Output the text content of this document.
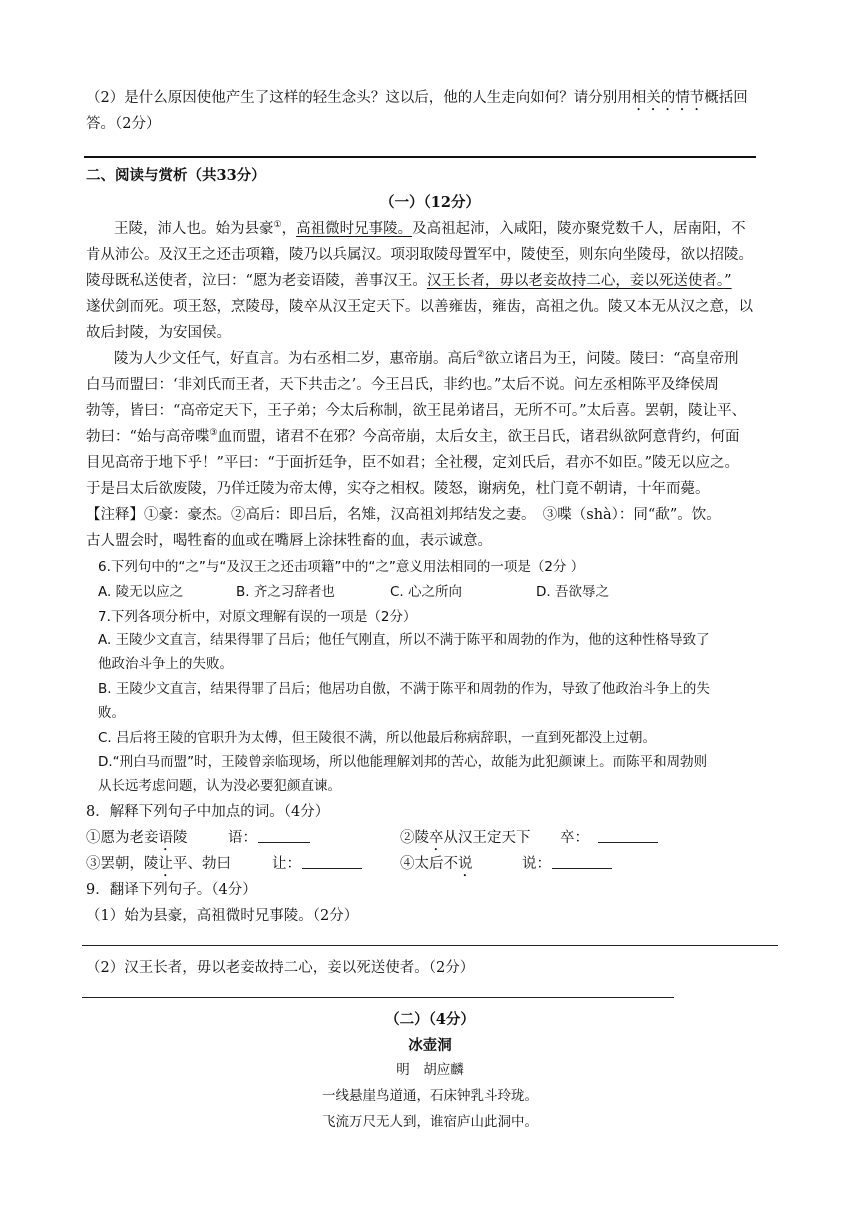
（2）是什么原因使他产生了这样的轻生念头？这以后，他的人生走向如何？请分别用相关的情节概括回
答。（2分）
二、阅读与赏析（共33分）
（一）（12分）
王陵，沛人也。始为县豪①，高祖微时兄事陵。及高祖起沛，入咸阳，陵亦聚党数千人，居南阳，不
肯从沛公。及汉王之还击项籍，陵乃以兵属汉。项羽取陵母置军中，陵使至，则东向坐陵母，欲以招陵。
陵母既私送使者，泣曰：“愿为老妾语陵，善事汉王。汉王长者，毋以老妾故持二心，妾以死送使者。”
遂伏剑而死。项王怒，烹陵母，陵卒从汉王定天下。以善雍齿，雍齿，高祖之仇。陵又本无从汉之意，以
故后封陵，为安国侯。
陵为人少文任气，好直言。为右丞相二岁，惠帝崩。高后②欲立诸吕为王，问陵。陵曰：“高皇帝刑
白马而盟曰：‘非刘氏而王者，天下共击之’。今王吕氏，非约也。”太后不说。问左丞相陈平及绛侯周
勃等，皆曰：“高帝定天下，王子弟；今太后称制，欲王昆弟诸吕，无所不可。”太后喜。罢朝，陵让平、
勃曰：“始与高帝喋③血而盟，诸君不在邪？今高帝崩，太后女主，欲王吕氏，诸君纵欲阿意背约，何面
目见高帝于地下乎！”平曰：“于面折廷争，臣不如君；全社稷，定刘氏后，君亦不如臣。”陵无以应之。
于是吕太后欲废陵，乃佯迁陵为帝太傅，实夺之相权。陵怒，谢病免，杜门竟不朝请，十年而薨。
【注释】①豪：豪杰。②高后：即吕后，名雉，汉高祖刘邦结发之妻。　③喋（shà）：同“歃”。饮。
古人盟会时，喝牲畜的血或在嘴唇上涂抹牲畜的血，表示诚意。
6.下列句中的“之”与“及汉王之还击项籍”中的“之”意义用法相同的一项是（2分 ）
A. 陵无以应之	B. 齐之习辞者也	C. 心之所向	D. 吾欲辱之
7.下列各项分析中，对原文理解有误的一项是（2分）
A. 王陵少文直言，结果得罪了吕后；他任气刚直，所以不满于陈平和周勃的作为，他的这种性格导致了
他政治斗争上的失败。
B. 王陵少文直言，结果得罪了吕后；他居功自傲，不满于陈平和周勃的作为，导致了他政治斗争上的失
败。
C. 吕后将王陵的官职升为太傅，但王陵很不满，所以他最后称病辞职，一直到死都没上过朝。
D.“刑白马而盟”时，王陵曾亲临现场，所以他能理解刘邦的苦心，故能为此犯颜谏上。而陈平和周勃则
从长远考虑问题，认为没必要犯颜直谏。
8．解释下列句子中加点的词。（4分）
①愿为老妾语陵	语：	②陵卒从汉王定天下 卒：
③罢朝，陵让平、勃曰	让：	④太后不说	说：
9．翻译下列句子。（4分）
（1）始为县豪，高祖微时兄事陵。（2分）
（2）汉王长者，毋以老妾故持二心，妾以死送使者。（2分）
（二）（4分）
冰壶洞
明　胡应麟
一线悬崖鸟道通，石床钟乳斗玲珑。
飞流万尺无人到，谁宿庐山此洞中。
